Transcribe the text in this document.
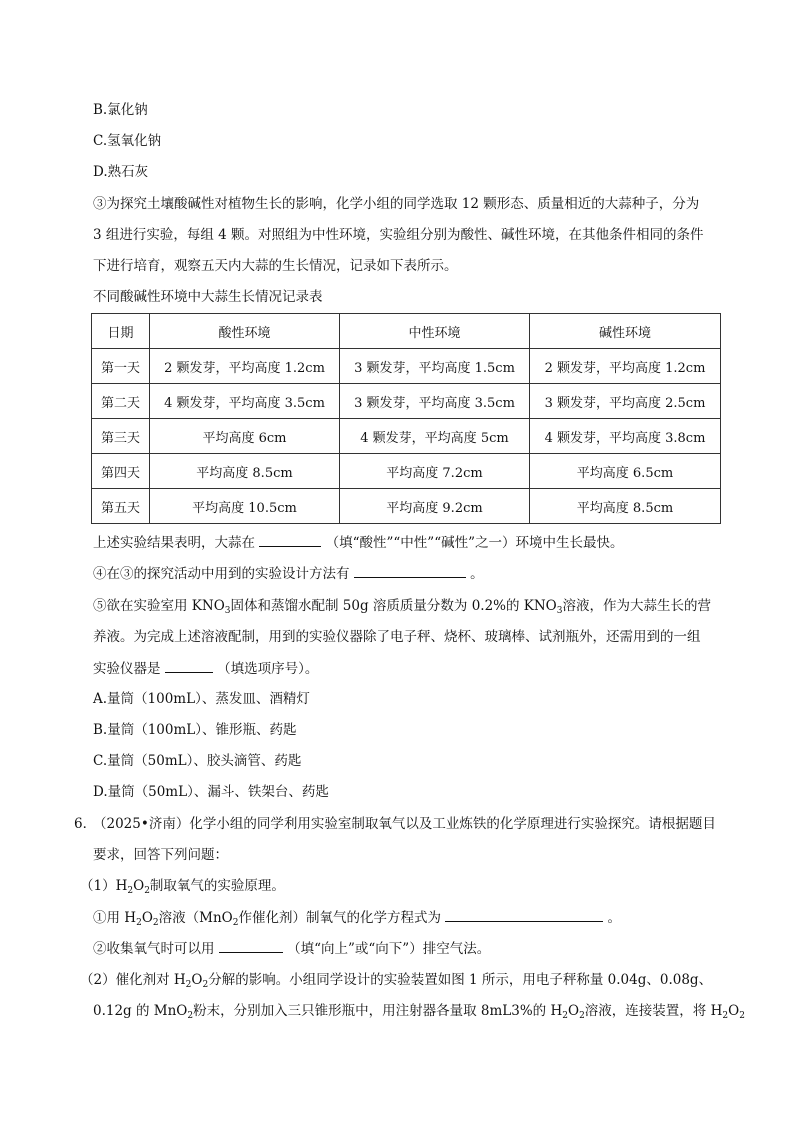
B.氯化钠
C.氢氧化钠
D.熟石灰
③为探究土壤酸碱性对植物生长的影响，化学小组的同学选取 12 颗形态、质量相近的大蒜种子，分为
3 组进行实验，每组 4 颗。对照组为中性环境，实验组分别为酸性、碱性环境，在其他条件相同的条件
下进行培育，观察五天内大蒜的生长情况，记录如下表所示。
不同酸碱性环境中大蒜生长情况记录表
日期	酸性环境	中性环境	碱性环境
第一天	2 颗发芽，平均高度 1.2cm	3 颗发芽，平均高度 1.5cm	2 颗发芽，平均高度 1.2cm
第二天	4 颗发芽，平均高度 3.5cm	3 颗发芽，平均高度 3.5cm	3 颗发芽，平均高度 2.5cm
第三天	平均高度 6cm	4 颗发芽，平均高度 5cm	4 颗发芽，平均高度 3.8cm
第四天	平均高度 8.5cm	平均高度 7.2cm	平均高度 6.5cm
第五天	平均高度 10.5cm	平均高度 9.2cm	平均高度 8.5cm
上述实验结果表明，大蒜在	（填“酸性”“中性”“碱性”之一）环境中生长最快。
④在③的探究活动中用到的实验设计方法有	。
⑤欲在实验室用 $KNO_3$固体和蒸馏水配制 50g 溶质质量分数为 0.2%的 $KNO_3$溶液，作为大蒜生长的营
养液。为完成上述溶液配制，用到的实验仪器除了电子秤、烧杯、玻璃棒、试剂瓶外，还需用到的一组
实验仪器是	（填选项序号）。
A.量筒（100mL）、蒸发皿、酒精灯
B.量筒（100mL）、锥形瓶、药匙
C.量筒（50mL）、胶头滴管、药匙
D.量筒（50mL）、漏斗、铁架台、药匙
6．
（2025•济南）化学小组的同学利用实验室制取氧气以及工业炼铁的化学原理进行实验探究。请根据题目
要求，回答下列问题：
$(1)H_2O_2$制取氧气的实验原理。
①用 $H_2O_2$溶液（MnO$_2$作催化剂）制氧气的化学方程式为	。
②收集氧气时可以用	（填“向上”或“向下”）排空气法。
（2）催化剂对 $H_2O_2$分解的影响。小组同学设计的实验装置如图 1 所示，用电子秤称量 0.04g、0.08g、
0.12g 的 MnO$_2$粉末，分别加入三只锥形瓶中，用注射器各量取 8mL3%的 $H_2O_2$溶液，连接装置，将 $H_2O_2$
